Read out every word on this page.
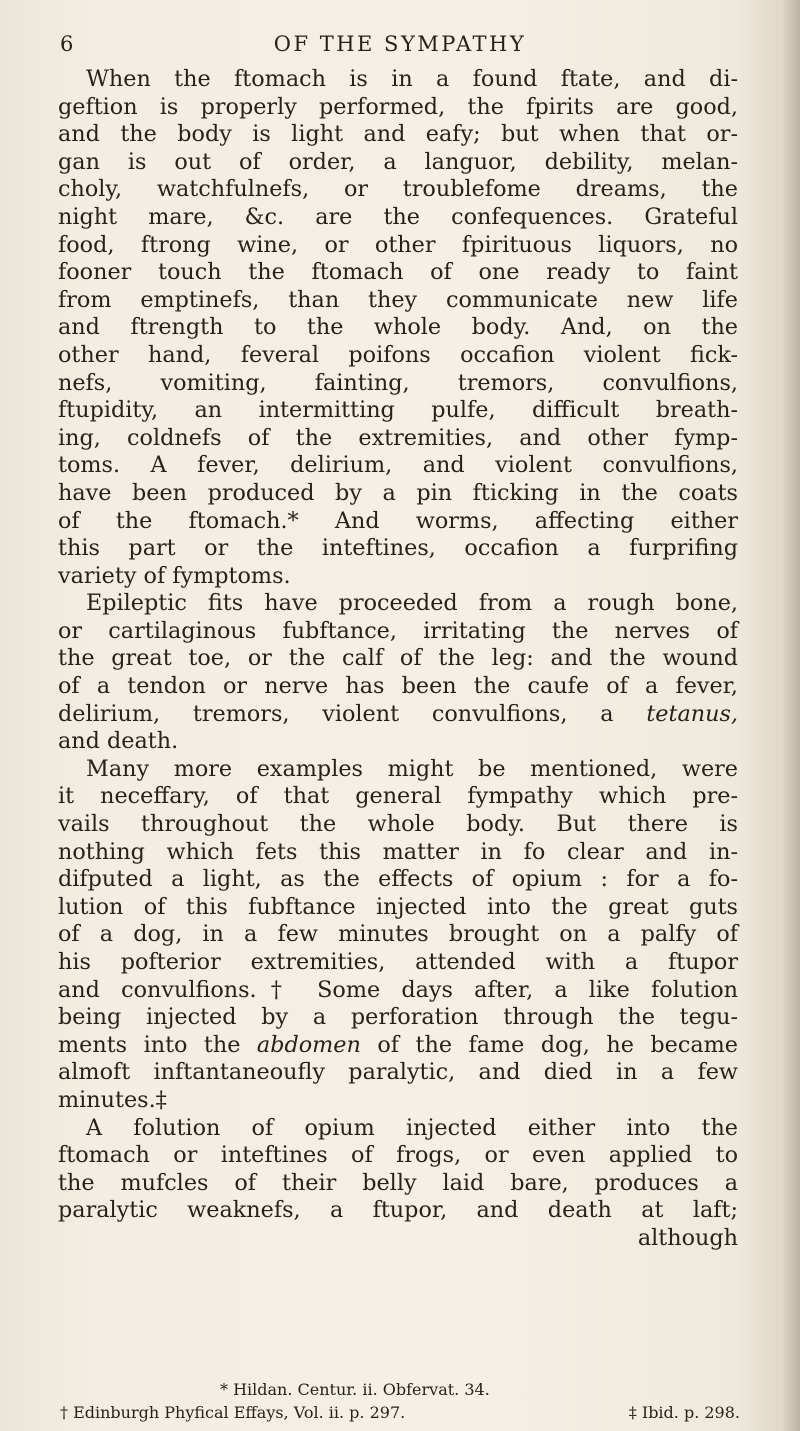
6	OF THE SYMPATHY
When the ftomach is in a found ftate, and di-
geftion is properly performed, the fpirits are good,
and the body is light and eafy; but when that or-
gan is out of order, a languor, debility, melan-
choly, watchfulnefs, or troublefome dreams, the
night mare, &c. are the confequences. Grateful
food, ftrong wine, or other fpirituous liquors, no
fooner touch the ftomach of one ready to faint
from emptinefs, than they communicate new life
and ftrength to the whole body. And, on the
other hand, feveral poifons occafion violent fick-
nefs, vomiting, fainting, tremors, convulfions,
ftupidity, an intermitting pulfe, difficult breath-
ing, coldnefs of the extremities, and other fymp-
toms. A fever, delirium, and violent convulfions,
have been produced by a pin fticking in the coats
of the ftomach.* And worms, affecting either
this part or the inteftines, occafion a furprifing
variety of fymptoms.
Epileptic fits have proceeded from a rough bone,
or cartilaginous fubftance, irritating the nerves of
the great toe, or the calf of the leg: and the wound
of a tendon or nerve has been the caufe of a fever,
delirium, tremors, violent convulfions, a tetanus,
and death.
Many more examples might be mentioned, were
it neceffary, of that general fympathy which pre-
vails throughout the whole body. But there is
nothing which fets this matter in fo clear and in-
difputed a light, as the effects of opium : for a fo-
lution of this fubftance injected into the great guts
of a dog, in a few minutes brought on a palfy of
his pofterior extremities, attended with a ftupor
and convulfions.† Some days after, a like folution
being injected by a perforation through the tegu-
ments into the abdomen of the fame dog, he became
almoft inftantaneoufly paralytic, and died in a few
minutes.‡
A folution of opium injected either into the
ftomach or inteftines of frogs, or even applied to
the mufcles of their belly laid bare, produces a
paralytic weaknefs, a ftupor, and death at laft;
although
* Hildan. Centur. ii. Obfervat. 34.
† Edinburgh Phyfical Effays, Vol. ii. p. 297.	‡ Ibid. p. 298.
